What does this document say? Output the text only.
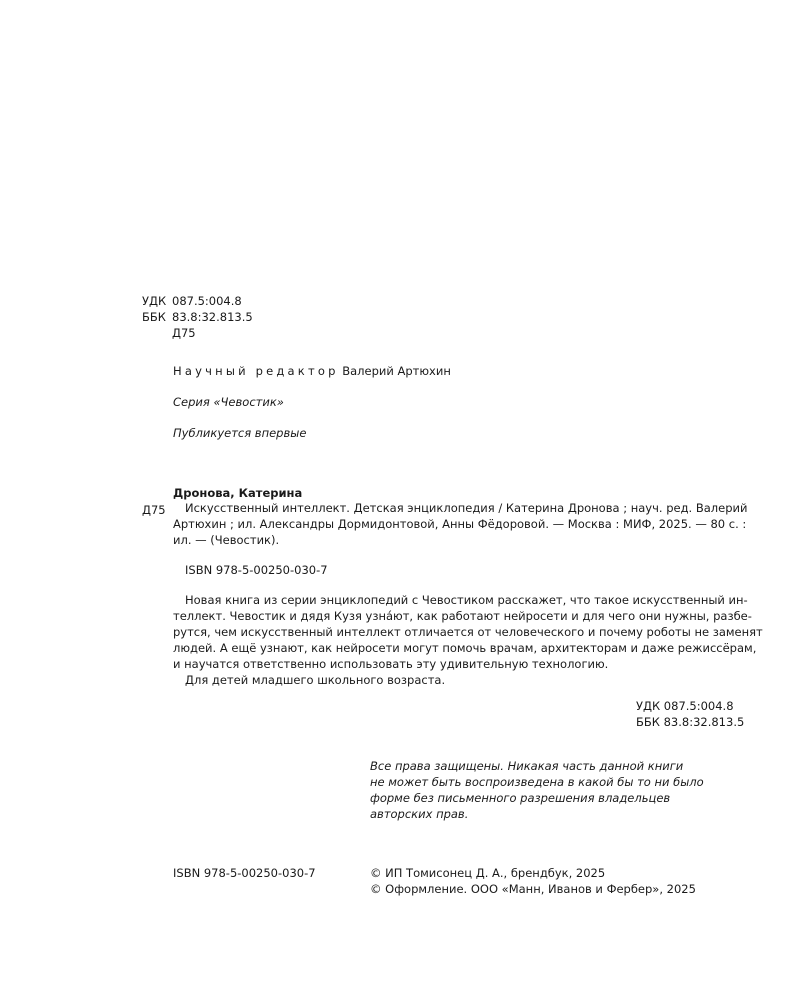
УДК 087.5:004.8
ББК 83.8:32.813.5
Д75
Научный редактор Валерий Артюхин
Серия «Чевостик»
Публикуется впервые
Дронова, Катерина
Д75 Искусственный интеллект. Детская энциклопедия / Катерина Дронова ; науч. ред. Валерий
Артюхин ; ил. Александры Дормидонтовой, Анны Фёдоровой. — Москва : МИФ, 2025. — 80 с. :
ил. — (Чевостик).
ISBN 978-5-00250-030-7
Новая книга из серии энциклопедий с Чевостиком расскажет, что такое искусственный ин-
теллект. Чевостик и дядя Кузя узнáют, как работают нейросети и для чего они нужны, разбе-
рутся, чем искусственный интеллект отличается от человеческого и почему роботы не заменят
людей. А ещё узнают, как нейросети могут помочь врачам, архитекторам и даже режиссёрам,
и научатся ответственно использовать эту удивительную технологию.
Для детей младшего школьного возраста.
УДК 087.5:004.8
ББК 83.8:32.813.5
Все права защищены. Никакая часть данной книги
не может быть воспроизведена в какой бы то ни было
форме без письменного разрешения владельцев
авторских прав.
ISBN 978-5-00250-030-7	© ИП Томисонец Д. А., брендбук, 2025
© Оформление. ООО «Манн, Иванов и Фербер», 2025
